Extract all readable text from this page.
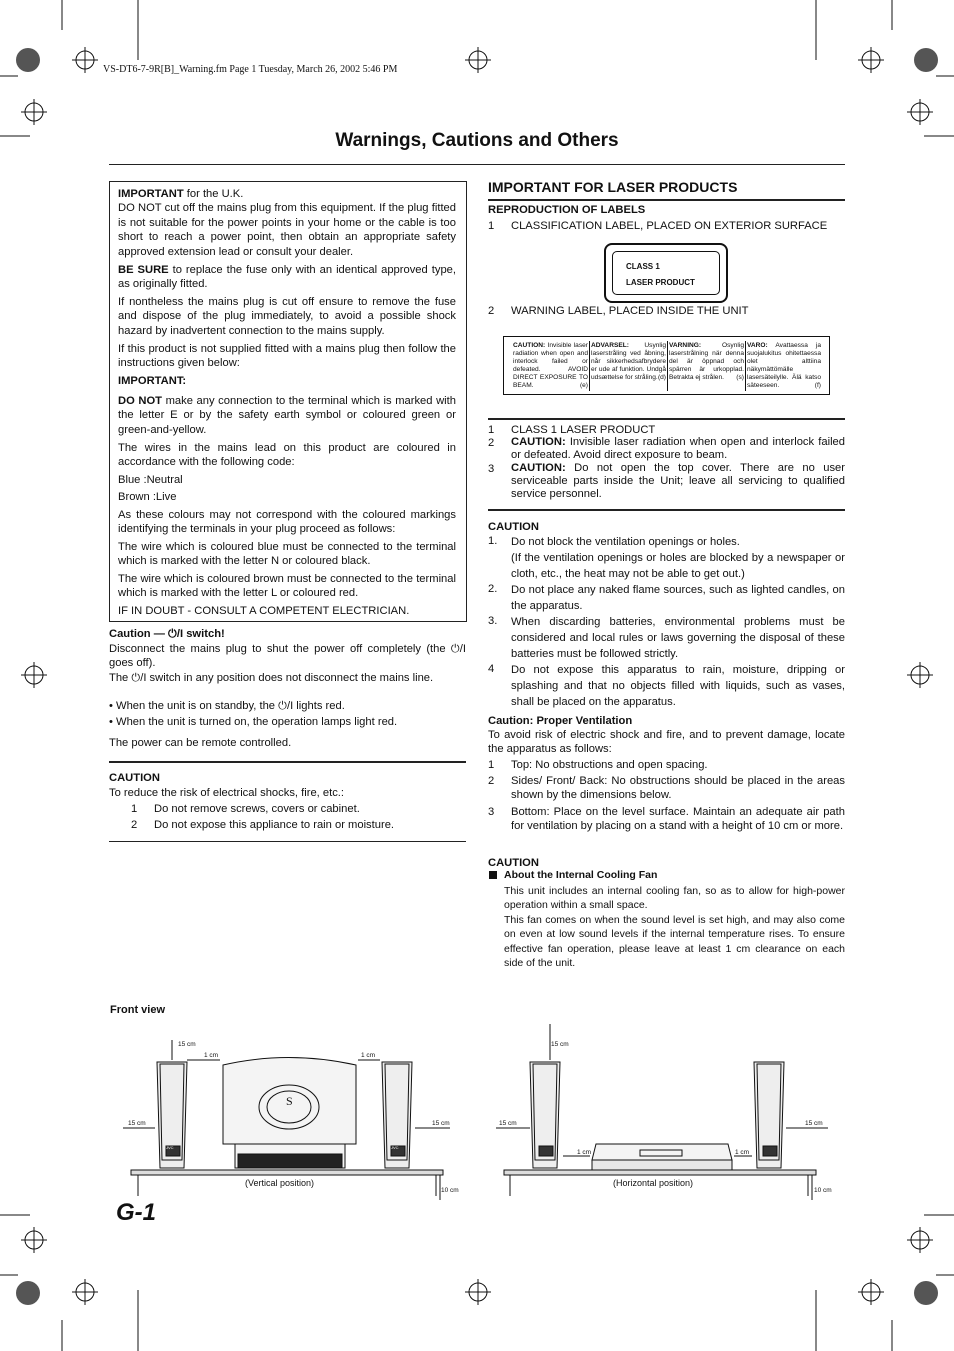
VS-DT6-7-9R[B]_Warning.fm Page 1 Tuesday, March 26, 2002 5:46 PM
Warnings, Cautions and Others
IMPORTANT for the U.K.
DO NOT cut off the mains plug from this equipment. If the plug fitted is not suitable for the power points in your home or the cable is too short to reach a power point, then obtain an appropriate safety approved extension lead or consult your dealer.
BE SURE to replace the fuse only with an identical approved type, as originally fitted.
If nontheless the mains plug is cut off ensure to remove the fuse and dispose of the plug immediately, to avoid a possible shock hazard by inadvertent connection to the mains supply.
If this product is not supplied fitted with a mains plug then follow the instructions given below:
IMPORTANT:
DO NOT make any connection to the terminal which is marked with the letter E or by the safety earth symbol or coloured green or green-and-yellow.
The wires in the mains lead on this product are coloured in accordance with the following code:
Blue :Neutral
Brown :Live
As these colours may not correspond with the coloured markings identifying the terminals in your plug proceed as follows:
The wire which is coloured blue must be connected to the terminal which is marked with the letter N or coloured black.
The wire which is coloured brown must be connected to the terminal which is marked with the letter L or coloured red.
IF IN DOUBT - CONSULT A COMPETENT ELECTRICIAN.
Caution — ⏻/I switch!
Disconnect the mains plug to shut the power off completely (the ⏻/I goes off).
The ⏻/I switch in any position does not disconnect the mains line.
• When the unit is on standby, the ⏻/I lights red.
• When the unit is turned on, the operation lamps light red.
The power can be remote controlled.
CAUTION
To reduce the risk of electrical shocks, fire, etc.:
1 Do not remove screws, covers or cabinet.
2 Do not expose this appliance to rain or moisture.
IMPORTANT FOR LASER PRODUCTS
REPRODUCTION OF LABELS
1 CLASSIFICATION LABEL, PLACED ON EXTERIOR SURFACE
CLASS 1
LASER PRODUCT
2 WARNING LABEL, PLACED INSIDE THE UNIT
CAUTION: Invisible laser radiation when open and interlock failed or defeated. AVOID DIRECT EXPOSURE TO BEAM.	(e)
ADVARSEL: Usynlig laserstråling ved åbning, når sikkerhedsafbrydere er ude af funktion. Undgå udsættelse for stråling. (d)
VARNING: Osynlig laserstrålning när denna del är öppnad och spärren är urkopplad. Betrakta ej strålen. (s)
VARO: Avattaessa ja suojalukitus ohitettaessa olet alttiina näkymättömälle lasersäteilylle. Älä katso säteeseen.	(f)
1 CLASS 1 LASER PRODUCT
2 CAUTION: Invisible laser radiation when open and interlock failed or defeated. Avoid direct exposure to beam.
3 CAUTION: Do not open the top cover. There are no user serviceable parts inside the Unit; leave all servicing to qualified service personnel.
CAUTION
1. Do not block the ventilation openings or holes.
(If the ventilation openings or holes are blocked by a newspaper or cloth, etc., the heat may not be able to get out.)
2. Do not place any naked flame sources, such as lighted candles, on the apparatus.
3. When discarding batteries, environmental problems must be considered and local rules or laws governing the disposal of these batteries must be followed strictly.
4 Do not expose this apparatus to rain, moisture, dripping or splashing and that no objects filled with liquids, such as vases, shall be placed on the apparatus.
Caution: Proper Ventilation
To avoid risk of electric shock and fire, and to prevent damage, locate the apparatus as follows:
1 Top: No obstructions and open spacing.
2 Sides/ Front/ Back: No obstructions should be placed in the areas shown by the dimensions below.
3 Bottom: Place on the level surface. Maintain an adequate air path for ventilation by placing on a stand with a height of 10 cm or more.
CAUTION
About the Internal Cooling Fan
This unit includes an internal cooling fan, so as to allow for high-power operation within a small space.
This fan comes on when the sound level is set high, and may also come on even at low sound levels if the internal temperature rises. To ensure effective fan operation, please leave at least 1 cm clearance on each side of the unit.
Front view
(Vertical position)	(Horizontal position)
15 cm
1 cm	1 cm
15 cm	15 cm
10 cm
15 cm
15 cm	15 cm
1 cm	1 cm
10 cm
S
JVC	JVC
G-1
